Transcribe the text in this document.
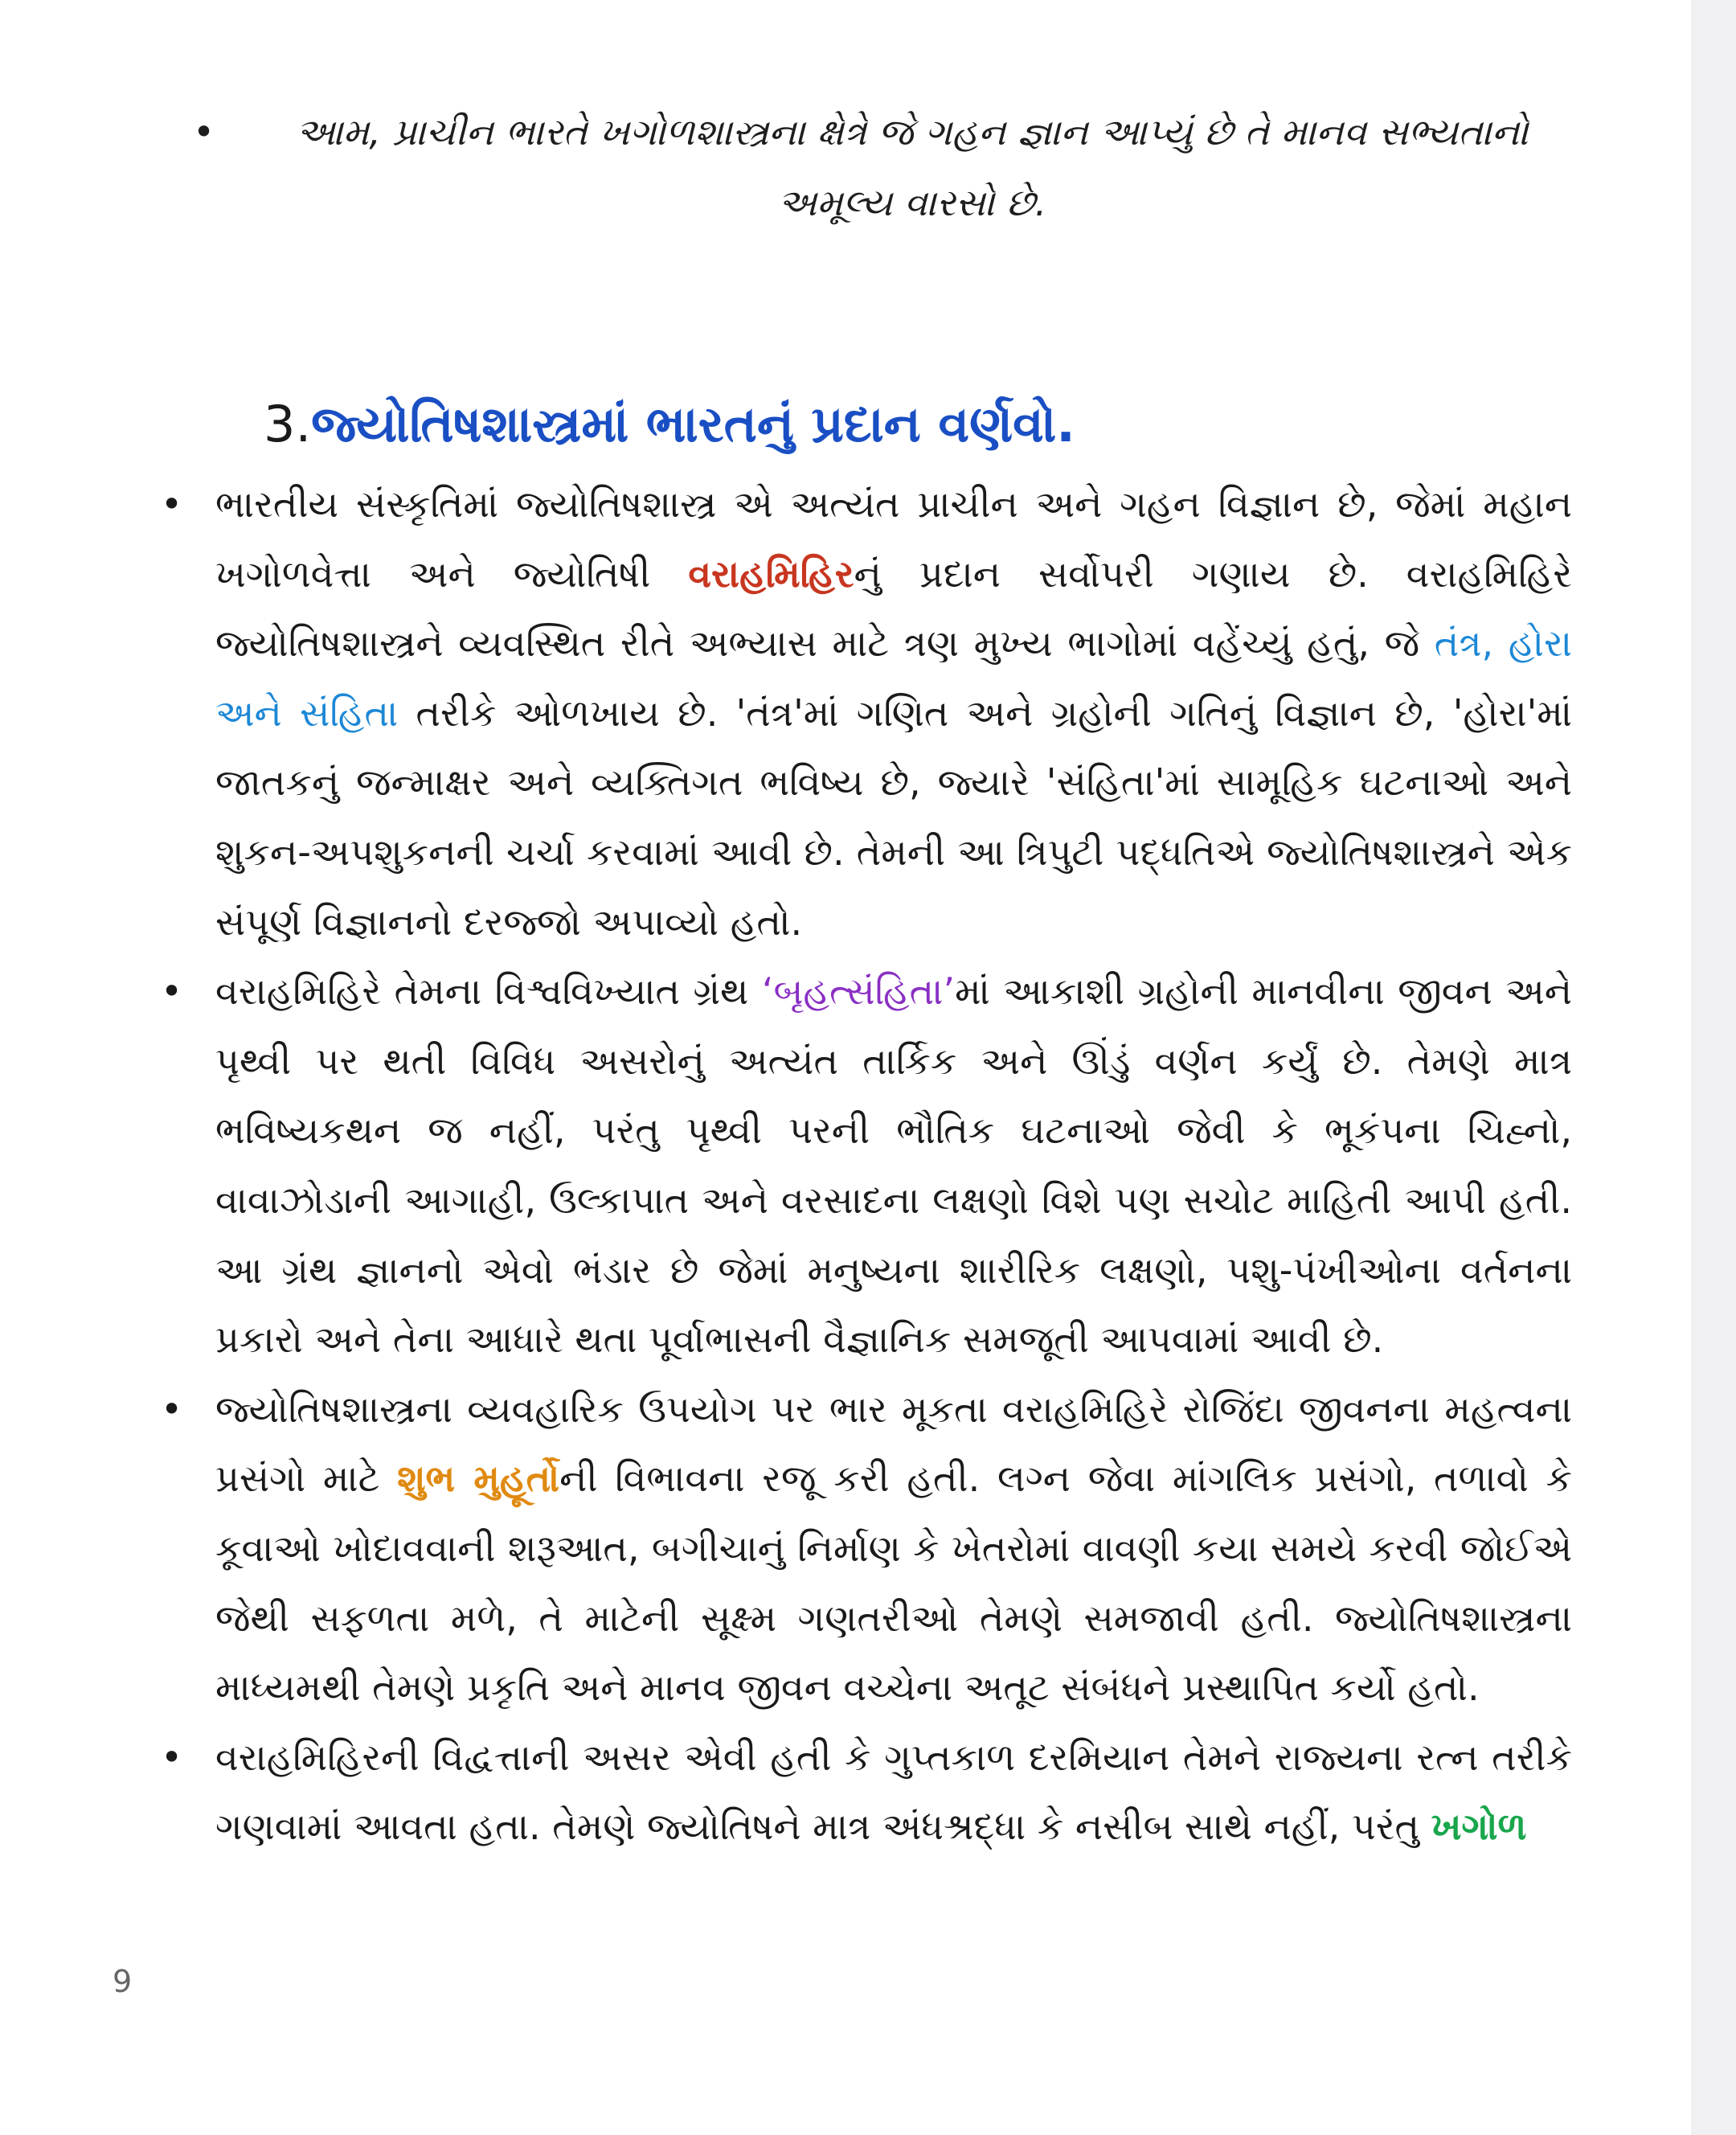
•	આમ, પ્રાચીન ભારતે ખગોળશાસ્ત્રના ક્ષેત્રે જે ગહન જ્ઞાન આપ્યું છે તે માનવ સભ્યતાનો અમૂલ્ય વારસો છે.
3.જ્યોતિષશાસ્ત્રમાં ભારતનું પ્રદાન વર્ણવો.
• ભારતીય સંસ્કૃતિમાં જ્યોતિષશાસ્ત્ર એ અત્યંત પ્રાચીન અને ગહન વિજ્ઞાન છે, જેમાં મહાન ખગોળવેત્તા અને જ્યોતિષી વરાહમિહિરનું પ્રદાન સર્વોપરી ગણાય છે. વરાહમિહિરે જ્યોતિષશાસ્ત્રને વ્યવસ્થિત રીતે અભ્યાસ માટે ત્રણ મુખ્ય ભાગોમાં વહેંચ્યું હતું, જે તંત્ર, હોરા અને સંહિતા તરીકે ઓળખાય છે. 'તંત્ર'માં ગણિત અને ગ્રહોની ગતિનું વિજ્ઞાન છે, 'હોરા'માં જાતકનું જન્માક્ષર અને વ્યક્તિગત ભવિષ્ય છે, જ્યારે 'સંહિતા'માં સામૂહિક ઘટનાઓ અને શુકન-અપશુકનની ચર્ચા કરવામાં આવી છે. તેમની આ ત્રિપુટી પદ્ધતિએ જ્યોતિષશાસ્ત્રને એક સંપૂર્ણ વિજ્ઞાનનો દરજ્જો અપાવ્યો હતો.
• વરાહમિહિરે તેમના વિશ્વવિખ્યાત ગ્રંથ ‘બૃહત્સંહિતા’માં આકાશી ગ્રહોની માનવીના જીવન અને પૃથ્વી પર થતી વિવિધ અસરોનું અત્યંત તાર્કિક અને ઊંડું વર્ણન કર્યું છે. તેમણે માત્ર ભવિષ્યકથન જ નહીં, પરંતુ પૃથ્વી પરની ભૌતિક ઘટનાઓ જેવી કે ભૂકંપના ચિહ્નો, વાવાઝોડાની આગાહી, ઉલ્કાપાત અને વરસાદના લક્ષણો વિશે પણ સચોટ માહિતી આપી હતી. આ ગ્રંથ જ્ઞાનનો એવો ભંડાર છે જેમાં મનુષ્યના શારીરિક લક્ષણો, પશુ-પંખીઓના વર્તનના પ્રકારો અને તેના આધારે થતા પૂર્વાભાસની વૈજ્ઞાનિક સમજૂતી આપવામાં આવી છે.
• જ્યોતિષશાસ્ત્રના વ્યવહારિક ઉપયોગ પર ભાર મૂકતા વરાહમિહિરે રોજિંદા જીવનના મહત્વના પ્રસંગો માટે શુભ મુહૂર્તોની વિભાવના રજૂ કરી હતી. લગ્ન જેવા માંગલિક પ્રસંગો, તળાવો કે કૂવાઓ ખોદાવવાની શરૂઆત, બગીચાનું નિર્માણ કે ખેતરોમાં વાવણી કયા સમયે કરવી જોઈએ જેથી સફળતા મળે, તે માટેની સૂક્ષ્મ ગણતરીઓ તેમણે સમજાવી હતી. જ્યોતિષશાસ્ત્રના માધ્યમથી તેમણે પ્રકૃતિ અને માનવ જીવન વચ્ચેના અતૂટ સંબંધને પ્રસ્થાપિત કર્યો હતો.
• વરાહમિહિરની વિદ્વત્તાની અસર એવી હતી કે ગુપ્તકાળ દરમિયાન તેમને રાજ્યના રત્ન તરીકે ગણવામાં આવતા હતા. તેમણે જ્યોતિષને માત્ર અંધશ્રદ્ધા કે નસીબ સાથે નહીં, પરંતુ ખગોળ
9
